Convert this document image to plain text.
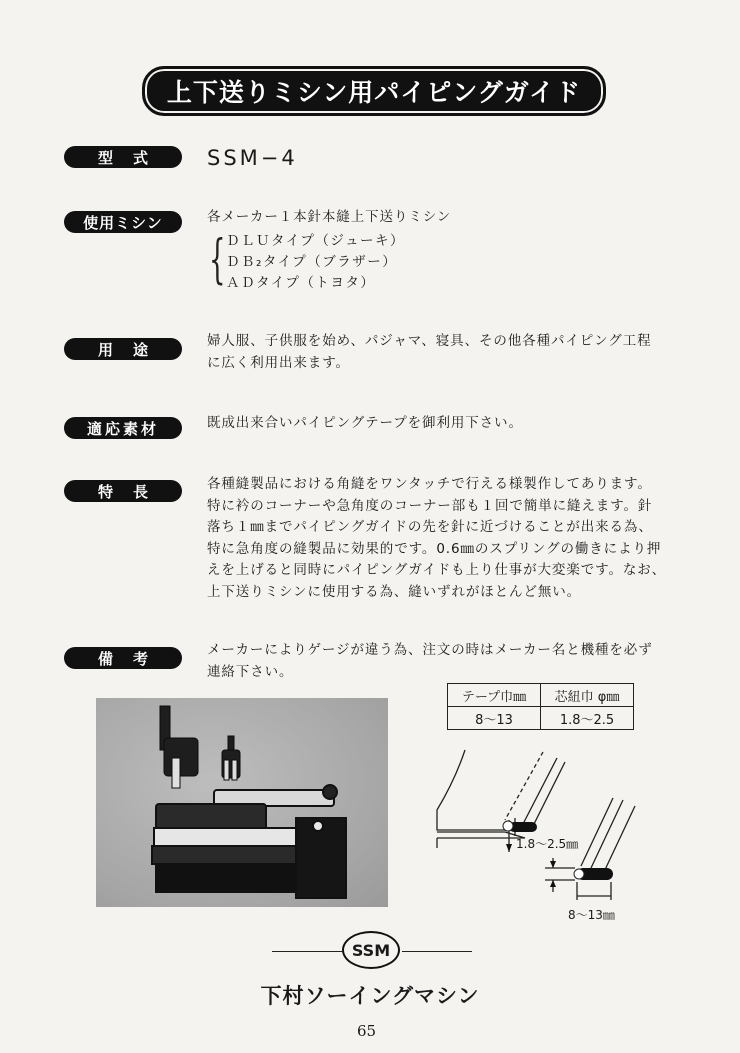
上下送りミシン用パイピングガイド
型 式	SSM−4
使用ミシン	各メーカー１本針本縫上下送りミシン
{ ＤＬＵタイプ（ジューキ）
ＤＢ₂タイプ（ブラザー）
ＡＤタイプ（トヨタ）
用 途	婦人服、子供服を始め、パジャマ、寝具、その他各種パイピング工程
に広く利用出来ます。
適応素材	既成出来合いパイピングテープを御利用下さい。
特 長	各種縫製品における角縫をワンタッチで行える様製作してあります。
特に衿のコーナーや急角度のコーナー部も１回で簡単に縫えます。針
落ち１㎜までパイピングガイドの先を針に近づけることが出来る為、
特に急角度の縫製品に効果的です。0.6㎜のスプリングの働きにより押
えを上げると同時にパイピングガイドも上り仕事が大変楽です。なお、
上下送りミシンに使用する為、縫いずれがほとんど無い。
備 考	メーカーによりゲージが違う為、注文の時はメーカー名と機種を必ず
連絡下さい。
テープ巾㎜	芯紐巾 φ㎜
8〜13	1.8〜2.5
1.8〜2.5㎜
8〜13㎜
SSM
下村ソーイングマシン
65
